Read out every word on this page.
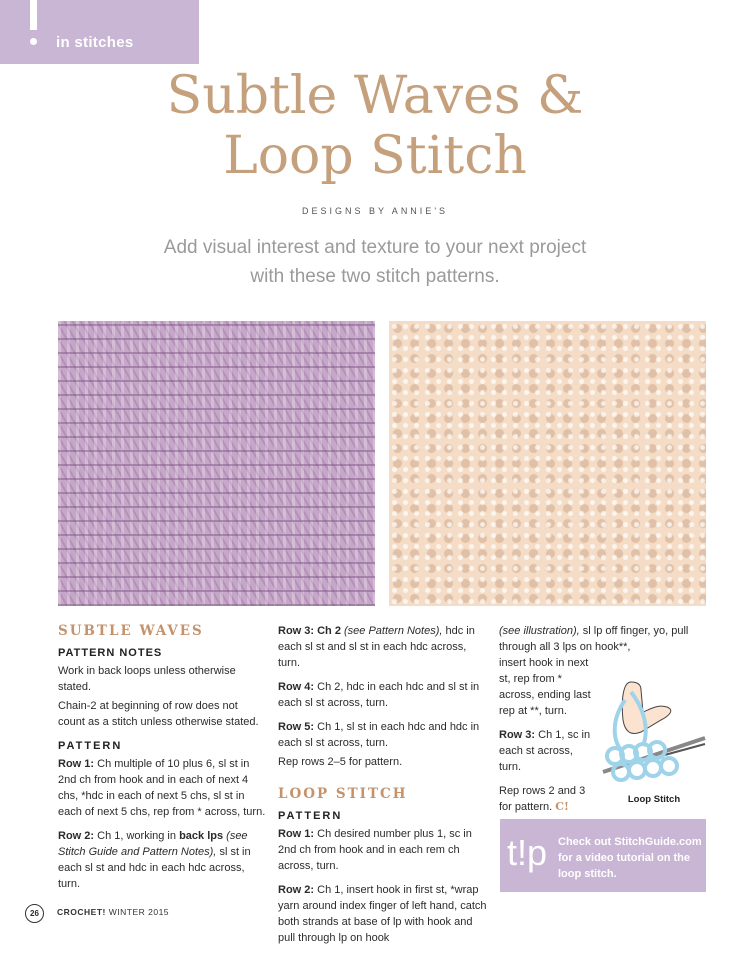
in stitches
Subtle Waves &
Loop Stitch
DESIGNS BY ANNIE'S
Add visual interest and texture to your next project
with these two stitch patterns.
SUBTLE WAVES
PATTERN NOTES

Work in back loops unless otherwise stated.

Chain-2 at beginning of row does not count as a stitch unless otherwise stated.

PATTERN

Row 1: Ch multiple of 10 plus 6, sl st in 2nd ch from hook and in each of next 4 chs, *hdc in each of next 5 chs, sl st in each of next 5 chs, rep from * across, turn.

Row 2: Ch 1, working in back lps (see Stitch Guide and Pattern Notes), sl st in each sl st and hdc in each hdc across, turn.

Row 3: Ch 2 (see Pattern Notes), hdc in each sl st and sl st in each hdc across, turn.

Row 4: Ch 2, hdc in each hdc and sl st in each sl st across, turn.

Row 5: Ch 1, sl st in each hdc and hdc in each sl st across, turn.

Rep rows 2–5 for pattern.

LOOP STITCH
PATTERN

Row 1: Ch desired number plus 1, sc in 2nd ch from hook and in each rem ch across, turn.

Row 2: Ch 1, insert hook in first st, *wrap yarn around index finger of left hand, catch both strands at base of lp with hook and pull through lp on hook

(see illustration), sl lp off finger, yo, pull through all 3 lps on hook**,

insert hook in next st, rep from * across, ending last rep at **, turn.

Row 3: Ch 1, sc in each st across, turn.

Rep rows 2 and 3 for pattern. C!

Loop Stitch
t!p Check out StitchGuide.com for a video tutorial on the loop stitch.
26	CROCHET! WINTER 2015
